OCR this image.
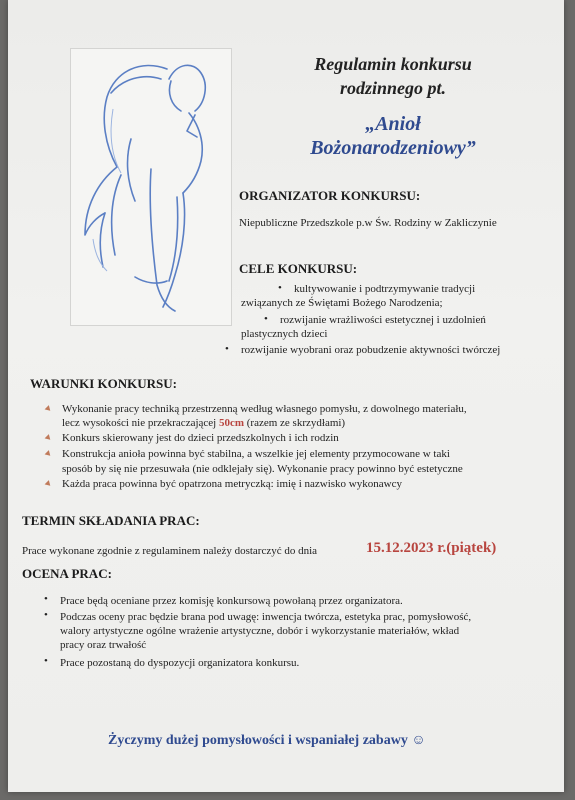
Regulamin konkursu
rodzinnego pt.
„Anioł
Bożonarodzeniowy”
ORGANIZATOR KONKURSU:
Niepubliczne Przedszkole p.w Św. Rodziny w Zakliczynie
CELE KONKURSU:
• kultywowanie i podtrzymywanie tradycji
związanych ze Świętami Bożego Narodzenia;
• rozwijanie wrażliwości estetycznej i uzdolnień
plastycznych dzieci
• rozwijanie wyobrani oraz pobudzenie aktywności twórczej
WARUNKI KONKURSU:
Wykonanie pracy techniką przestrzenną według własnego pomysłu, z dowolnego materiału,
lecz wysokości nie przekraczającej 50cm (razem ze skrzydłami)
Konkurs skierowany jest do dzieci przedszkolnych i ich rodzin
Konstrukcja anioła powinna być stabilna, a wszelkie jej elementy przymocowane w taki
sposób by się nie przesuwała (nie odklejały się). Wykonanie pracy powinno być estetyczne
Każda praca powinna być opatrzona metryczką: imię i nazwisko wykonawcy
TERMIN SKŁADANIA PRAC:
Prace wykonane zgodnie z regulaminem należy dostarczyć do dnia	15.12.2023 r.(piątek)
OCENA PRAC:
• Prace będą oceniane przez komisję konkursową powołaną przez organizatora.
• Podczas oceny prac będzie brana pod uwagę: inwencja twórcza, estetyka prac, pomysłowość,
walory artystyczne ogólne wrażenie artystyczne, dobór i wykorzystanie materiałów, wkład
pracy oraz trwałość
• Prace pozostaną do dyspozycji organizatora konkursu.
Życzymy dużej pomysłowości i wspaniałej zabawy ☺
